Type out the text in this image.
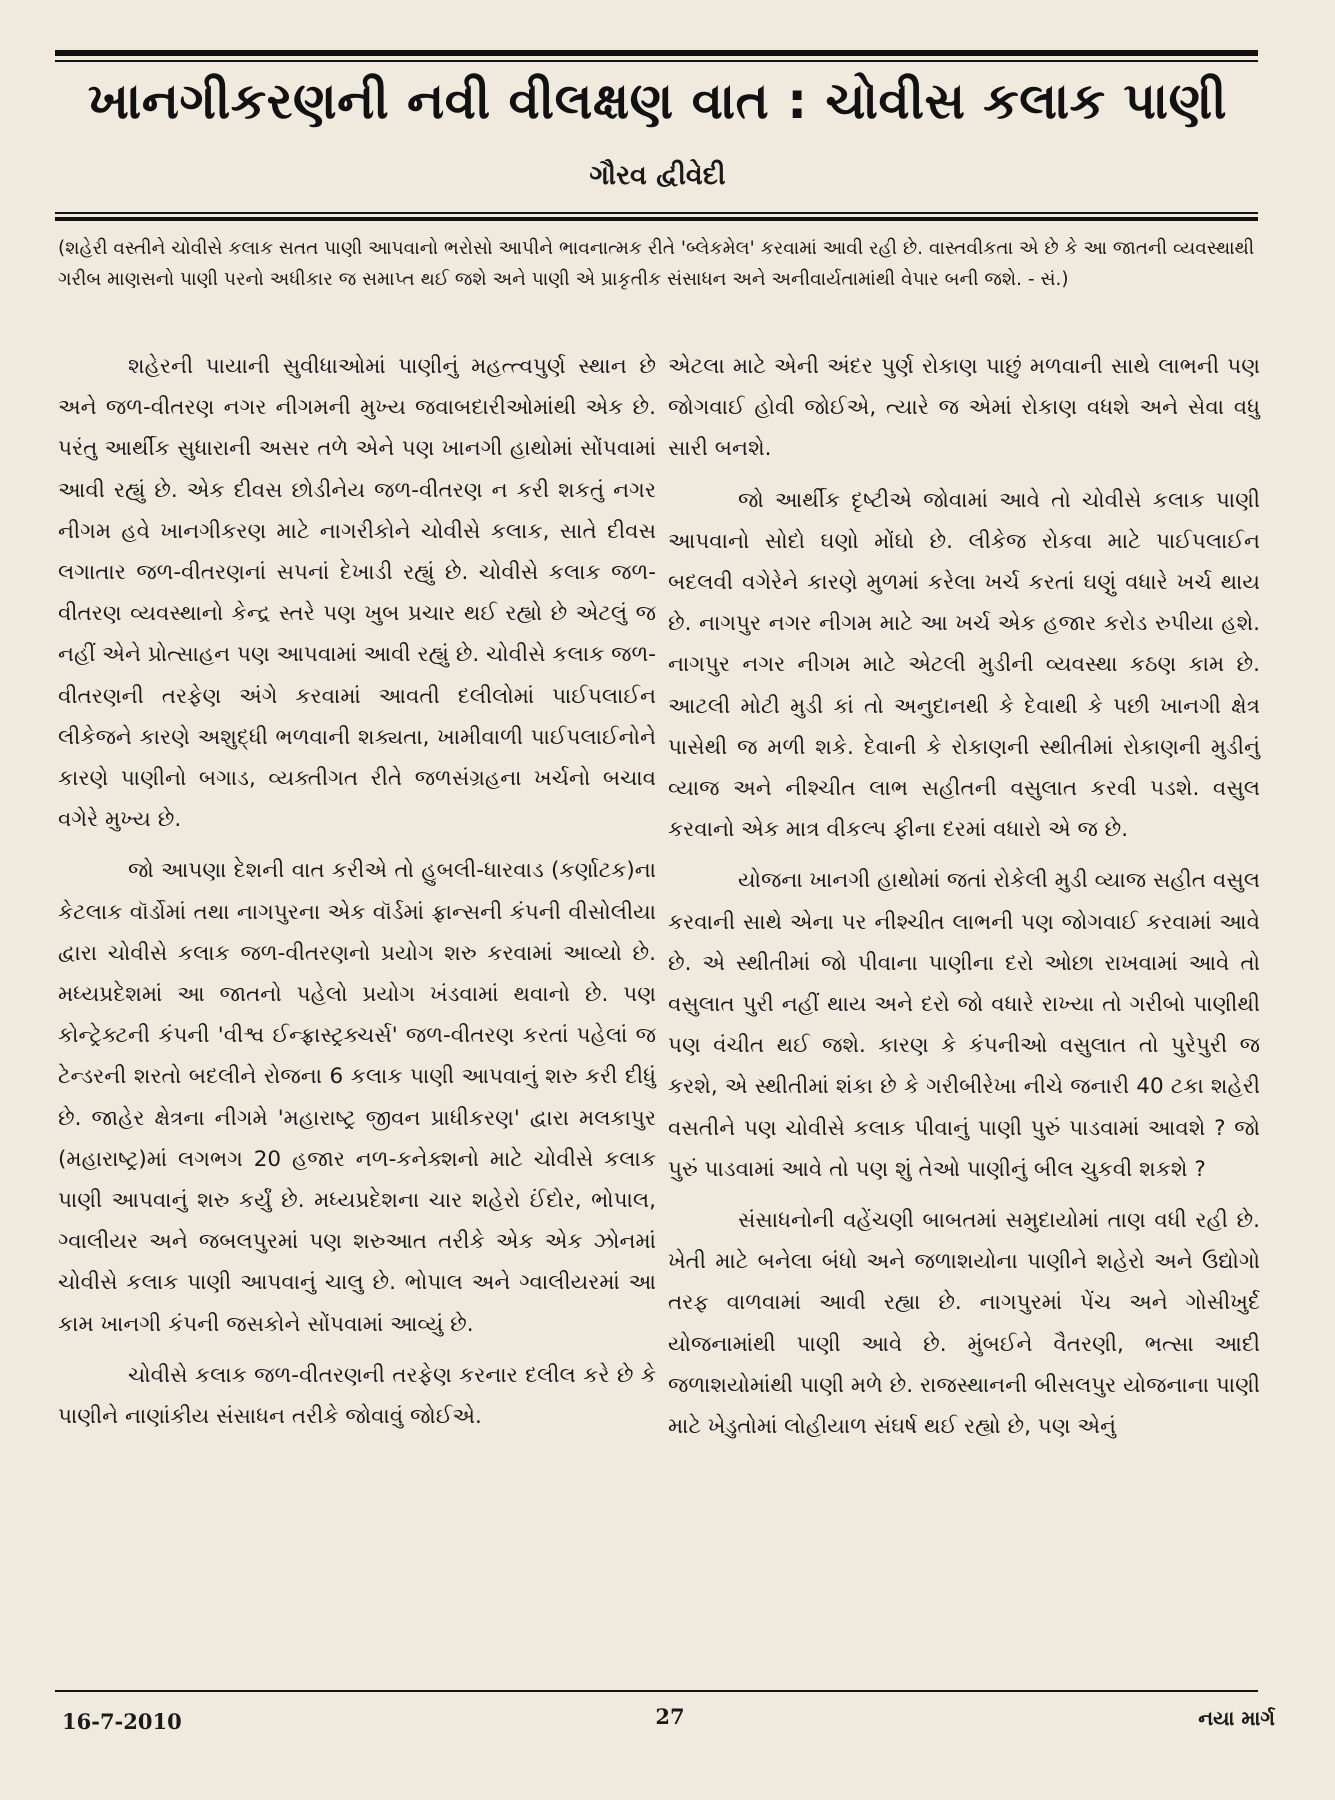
ખાનગીકરણની નવી વીલક્ષણ વાત : ચોવીસ કલાક પાણી
ગૌરવ દ્વીવેદી
(શહેરી વસ્તીને ચોવીસે કલાક સતત પાણી આપવાનો ભરોસો આપીને ભાવનાત્મક રીતે 'બ્લેકમેલ' કરવામાં આવી રહી છે. વાસ્તવીકતા એ છે કે આ જાતની વ્યવસ્થાથી ગરીબ માણસનો પાણી પરનો અધીકાર જ સમાપ્ત થઈ જશે અને પાણી એ પ્રાકૃતીક સંસાધન અને અનીવાર્યતામાંથી વેપાર બની જશે. - સં.)

શહેરની પાયાની સુવીધાઓમાં પાણીનું મહત્ત્વપુર્ણ સ્થાન છે અને જળ-વીતરણ નગર નીગમની મુખ્ય જવાબદારીઓમાંથી એક છે. પરંતુ આર્થીક સુધારાની અસર તળે એને પણ ખાનગી હાથોમાં સોંપવામાં આવી રહ્યું છે. એક દીવસ છોડીનેય જળ-વીતરણ ન કરી શકતું નગર નીગમ હવે ખાનગીકરણ માટે નાગરીકોને ચોવીસે કલાક, સાતે દીવસ લગાતાર જળ-વીતરણનાં સપનાં દેખાડી રહ્યું છે. ચોવીસે કલાક જળ-વીતરણ વ્યવસ્થાનો કેન્દ્ર સ્તરે પણ ખુબ પ્રચાર થઈ રહ્યો છે એટલું જ નહીં એને પ્રોત્સાહન પણ આપવામાં આવી રહ્યું છે. ચોવીસે કલાક જળ-વીતરણની તરફેણ અંગે કરવામાં આવતી દલીલોમાં પાઈપલાઈન લીકેજને કારણે અશુદ્ધી ભળવાની શક્યતા, ખામીવાળી પાઈપલાઈનોને કારણે પાણીનો બગાડ, વ્યક્તીગત રીતે જળસંગ્રહના ખર્ચનો બચાવ વગેરે મુખ્ય છે.

જો આપણા દેશની વાત કરીએ તો હુબલી-ધારવાડ (કર્ણાટક)ના કેટલાક વૉર્ડોમાં તથા નાગપુરના એક વૉર્ડમાં ફ્રાન્સની કંપની વીસોલીયા દ્વારા ચોવીસે કલાક જળ-વીતરણનો પ્રયોગ શરુ કરવામાં આવ્યો છે. મધ્યપ્રદેશમાં આ જાતનો પહેલો પ્રયોગ ખંડવામાં થવાનો છે. પણ કોન્ટ્રેક્ટની કંપની 'વીશ્વ ઈન્ફ્રાસ્ટ્રક્ચર્સ' જળ-વીતરણ કરતાં પહેલાં જ ટેન્ડરની શરતો બદલીને રોજના 6 કલાક પાણી આપવાનું શરુ કરી દીધું છે. જાહેર ક્ષેત્રના નીગમે 'મહારાષ્ટ્ર જીવન પ્રાધીકરણ' દ્વારા મલકાપુર (મહારાષ્ટ્ર)માં લગભગ 20 હજાર નળ-કનેક્શનો માટે ચોવીસે કલાક પાણી આપવાનું શરુ કર્યું છે. મધ્યપ્રદેશના ચાર શહેરો ઈંદોર, ભોપાલ, ગ્વાલીયર અને જબલપુરમાં પણ શરુઆત તરીકે એક એક ઝોનમાં ચોવીસે કલાક પાણી આપવાનું ચાલુ છે. ભોપાલ અને ગ્વાલીયરમાં આ કામ ખાનગી કંપની જસકોને સોંપવામાં આવ્યું છે.

ચોવીસે કલાક જળ-વીતરણની તરફેણ કરનાર દલીલ કરે છે કે પાણીને નાણાંકીય સંસાધન તરીકે જોવાવું જોઈએ.

એટલા માટે એની અંદર પુર્ણ રોકાણ પાછું મળવાની સાથે લાભની પણ જોગવાઈ હોવી જોઈએ, ત્યારે જ એમાં રોકાણ વધશે અને સેવા વધુ સારી બનશે.

જો આર્થીક દૃષ્ટીએ જોવામાં આવે તો ચોવીસે કલાક પાણી આપવાનો સોદો ઘણો મોંઘો છે. લીકેજ રોકવા માટે પાઈપલાઈન બદલવી વગેરેને કારણે મુળમાં કરેલા ખર્ચ કરતાં ઘણું વધારે ખર્ચ થાય છે. નાગપુર નગર નીગમ માટે આ ખર્ચ એક હજાર કરોડ રુપીયા હશે. નાગપુર નગર નીગમ માટે એટલી મુડીની વ્યવસ્થા કઠણ કામ છે. આટલી મોટી મુડી કાં તો અનુદાનથી કે દેવાથી કે પછી ખાનગી ક્ષેત્ર પાસેથી જ મળી શકે. દેવાની કે રોકાણની સ્થીતીમાં રોકાણની મુડીનું વ્યાજ અને નીશ્ચીત લાભ સહીતની વસુલાત કરવી પડશે. વસુલ કરવાનો એક માત્ર વીકલ્પ ફીના દરમાં વધારો એ જ છે.

યોજના ખાનગી હાથોમાં જતાં રોકેલી મુડી વ્યાજ સહીત વસુલ કરવાની સાથે એના પર નીશ્ચીત લાભની પણ જોગવાઈ કરવામાં આવે છે. એ સ્થીતીમાં જો પીવાના પાણીના દરો ઓછા રાખવામાં આવે તો વસુલાત પુરી નહીં થાય અને દરો જો વધારે રાખ્યા તો ગરીબો પાણીથી પણ વંચીત થઈ જશે. કારણ કે કંપનીઓ વસુલાત તો પુરેપુરી જ કરશે, એ સ્થીતીમાં શંકા છે કે ગરીબીરેખા નીચે જનારી 40 ટકા શહેરી વસતીને પણ ચોવીસે કલાક પીવાનું પાણી પુરું પાડવામાં આવશે ? જો પુરું પાડવામાં આવે તો પણ શું તેઓ પાણીનું બીલ ચુકવી શકશે ?

સંસાધનોની વહેંચણી બાબતમાં સમુદાયોમાં તાણ વધી રહી છે. ખેતી માટે બનેલા બંધો અને જળાશયોના પાણીને શહેરો અને ઉદ્યોગો તરફ વાળવામાં આવી રહ્યા છે. નાગપુરમાં પેંચ અને ગોસીખુર્દ યોજનામાંથી પાણી આવે છે. મુંબઈને વૈતરણી, ભત્સા આદી જળાશયોમાંથી પાણી મળે છે. રાજસ્થાનની બીસલપુર યોજનાના પાણી માટે ખેડુતોમાં લોહીયાળ સંઘર્ષ થઈ રહ્યો છે, પણ એનું

16-7-2010	27	નયા માર્ગ
